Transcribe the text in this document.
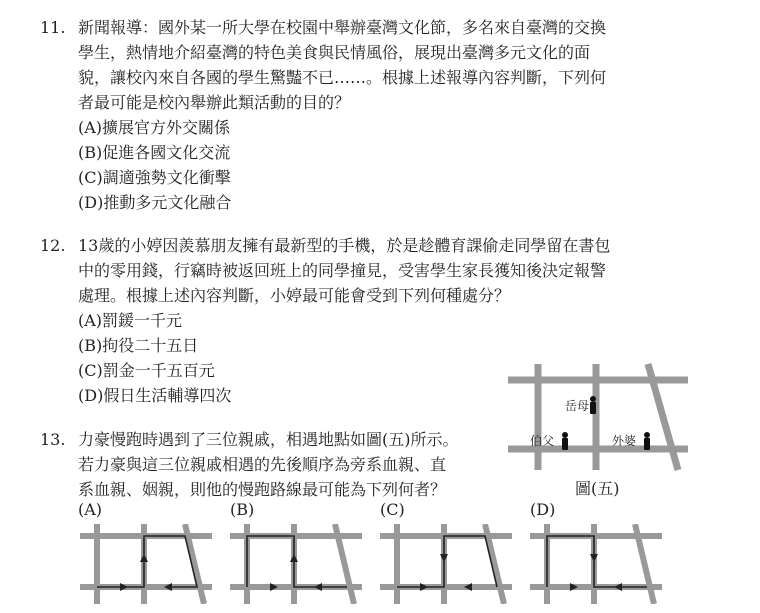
11. 新聞報導：國外某一所大學在校園中舉辦臺灣文化節，多名來自臺灣的交換
學生，熱情地介紹臺灣的特色美食與民情風俗，展現出臺灣多元文化的面
貌，讓校內來自各國的學生驚豔不已……。根據上述報導內容判斷，下列何
者最可能是校內舉辦此類活動的目的？
(A)擴展官方外交關係
(B)促進各國文化交流
(C)調適強勢文化衝擊
(D)推動多元文化融合
12. 13歲的小婷因羨慕朋友擁有最新型的手機，於是趁體育課偷走同學留在書包
中的零用錢，行竊時被返回班上的同學撞見，受害學生家長獲知後決定報警
處理。根據上述內容判斷，小婷最可能會受到下列何種處分？
(A)罰鍰一千元
(B)拘役二十五日
(C)罰金一千五百元
(D)假日生活輔導四次
13. 力豪慢跑時遇到了三位親戚，相遇地點如圖(五)所示。
若力豪與這三位親戚相遇的先後順序為旁系血親、直
系血親、姻親，則他的慢跑路線最可能為下列何者？
岳母
伯父	外婆
圖(五)
(A)	(B)	(C)	(D)
